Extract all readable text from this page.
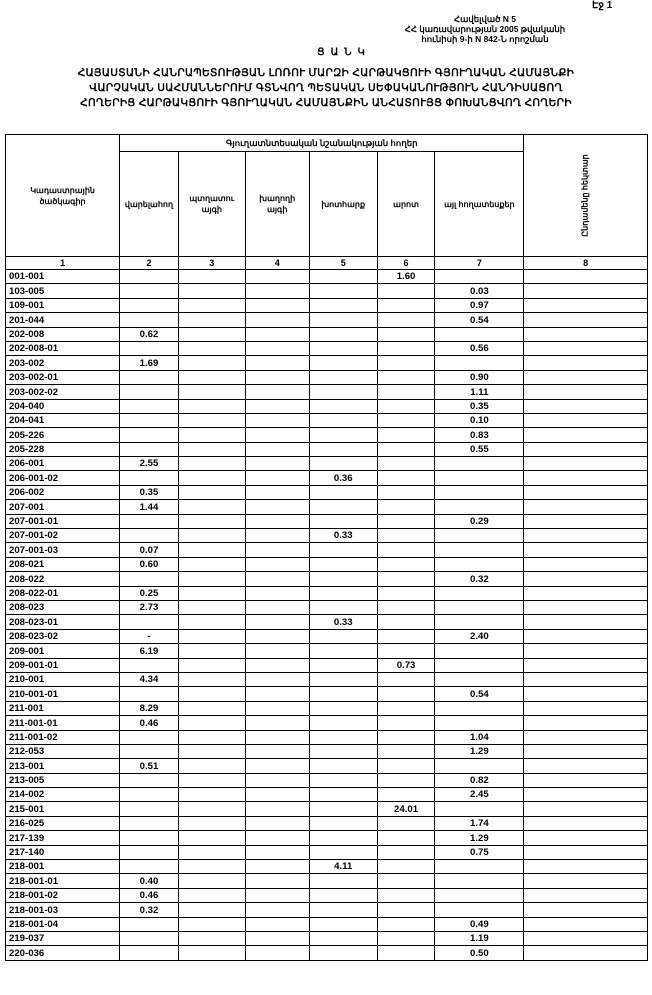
Էջ 1
Հավելված N 5
ՀՀ կառավարության 2005 թվականի
հունիսի 9-ի N 842-Ն որոշման
ՑԱՆԿ
ՀԱՅԱՍՏԱՆԻ ՀԱՆՐԱՊԵՏՈՒԹՅԱՆ ԼՈՌՈՒ ՄԱՐԶԻ ՀԱՐԹԱԿՑՈՒԻ ԳՅՈՒՂԱԿԱՆ ՀԱՄԱՅՆՔԻ
ՎԱՐՉԱԿԱՆ ՍԱՀՄԱՆՆԵՐՈՒՄ ԳՏՆՎՈՂ ՊԵՏԱԿԱՆ ՍԵՓԱԿԱՆՈՒԹՅՈՒՆ ՀԱՆԴԻՍԱՑՈՂ
ՀՈՂԵՐԻՑ ՀԱՐԹԱԿՑՈՒԻ ԳՅՈՒՂԱԿԱՆ ՀԱՄԱՅՆՔԻՆ ԱՆՀԱՏՈՒՅՑ ՓՈԽԱՆՑՎՈՂ ՀՈՂԵՐԻ
Կադաստրային ծածկագիր	Գյուղատնտեսական նշանակության հողեր						Ընդամենը հեկտար
	վարելահող	պտղատու այգի	խաղողի այգի	խոտհարք	արոտ	այլ հողատեսքեր	
1	2	3	4	5	6	7	8
001-001					1.60		
103-005						0.03	
109-001						0.97	
201-044						0.54	
202-008	0.62						
202-008-01						0.56	
203-002	1.69						
203-002-01						0.90	
203-002-02						1.11	
204-040						0.35	
204-041						0.10	
205-226						0.83	
205-228						0.55	
206-001	2.55						
206-001-02				0.36			
206-002	0.35						
207-001	1.44						
207-001-01						0.29	
207-001-02				0.33			
207-001-03	0.07						
208-021	0.60						
208-022						0.32	
208-022-01	0.25						
208-023	2.73						
208-023-01				0.33			
208-023-02	-					2.40	
209-001	6.19						
209-001-01					0.73		
210-001	4.34						
210-001-01						0.54	
211-001	8.29						
211-001-01	0.46						
211-001-02						1.04	
212-053						1.29	
213-001	0.51						
213-005						0.82	
214-002						2.45	
215-001					24.01		
216-025						1.74	
217-139						1.29	
217-140						0.75	
218-001				4.11			
218-001-01	0.40						
218-001-02	0.46						
218-001-03	0.32						
218-001-04						0.49	
219-037						1.19	
220-036						0.50	
